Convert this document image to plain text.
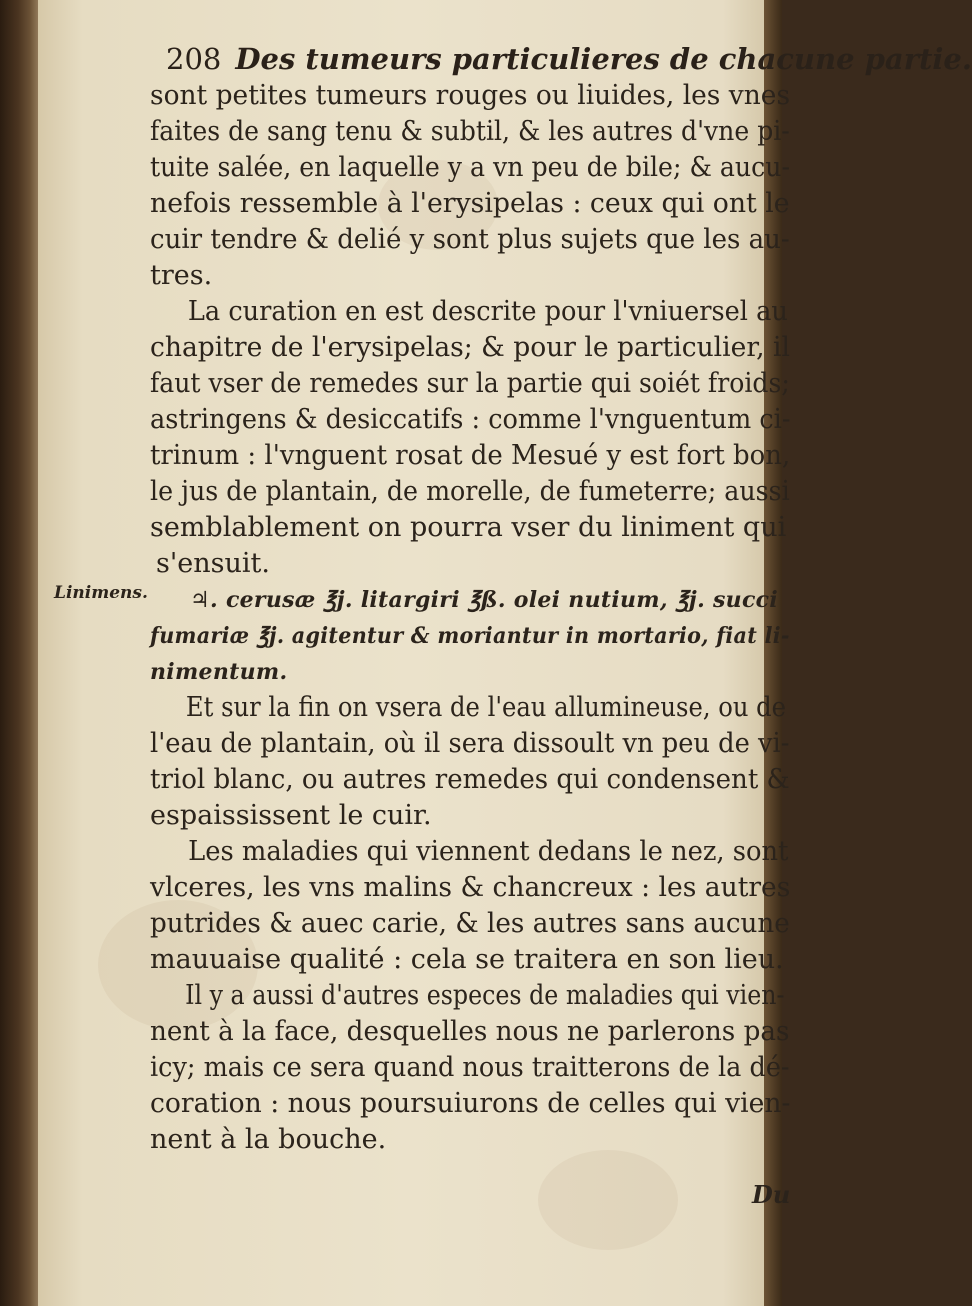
208 Des tumeurs particulieres de chacune partie.
Linimens.
sont petites tumeurs rouges ou liuides, les vnes
faites de sang tenu & subtil, & les autres d'vne pi-
tuite salée, en laquelle y a vn peu de bile; & aucu-
nefois ressemble à l'erysipelas : ceux qui ont le
cuir tendre & delié y sont plus sujets que les au-
tres.
La curation en est descrite pour l'vniuersel au
chapitre de l'erysipelas; & pour le particulier, il
faut vser de remedes sur la partie qui soiét froids;
astringens & desiccatifs : comme l'vnguentum ci-
trinum : l'vnguent rosat de Mesué y est fort bon,
le jus de plantain, de morelle, de fumeterre; aussi
semblablement on pourra vser du liniment qui
s'ensuit.
♃. cerusæ ℥j. litargiri ℥ß. olei nutium, ℥j. succi
fumariæ ℥j. agitentur & moriantur in mortario, fiat li-
nimentum.
Et sur la fin on vsera de l'eau allumineuse, ou de
l'eau de plantain, où il sera dissoult vn peu de vi-
triol blanc, ou autres remedes qui condensent &
espaississent le cuir.
Les maladies qui viennent dedans le nez, sont
vlceres, les vns malins & chancreux : les autres
putrides & auec carie, & les autres sans aucune
mauuaise qualité : cela se traitera en son lieu.
Il y a aussi d'autres especes de maladies qui vien-
nent à la face, desquelles nous ne parlerons pas
icy; mais ce sera quand nous traitterons de la dé-
coration : nous poursuiurons de celles qui vien-
nent à la bouche.
Du
